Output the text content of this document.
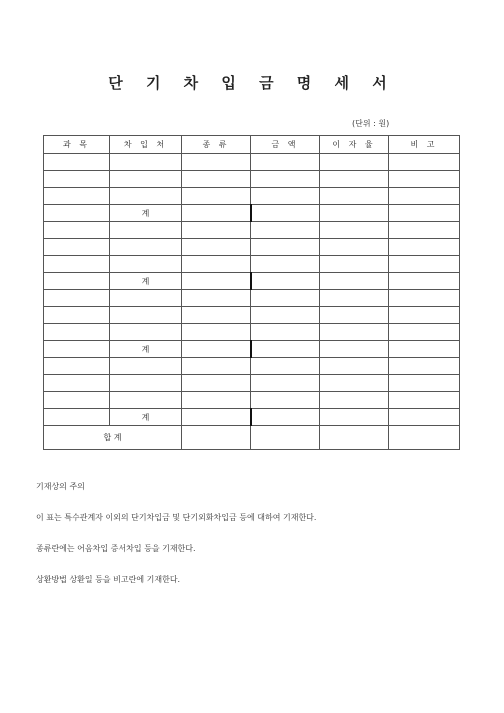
단 기 차 입 금 명 세 서
(단위 : 원)
과 목	차 입 처	종 류	금 액	이 자 율	비 고

	계				

	계				

	계				

	계				
합 계					

기재상의 주의

이 표는 특수관계자 이외의 단기차입금 및 단기외화차입금 등에 대하여 기재한다.

종류란에는 어음차입 증서차입 등을 기재한다.

상환방법 상환일 등을 비고란에 기재한다.
